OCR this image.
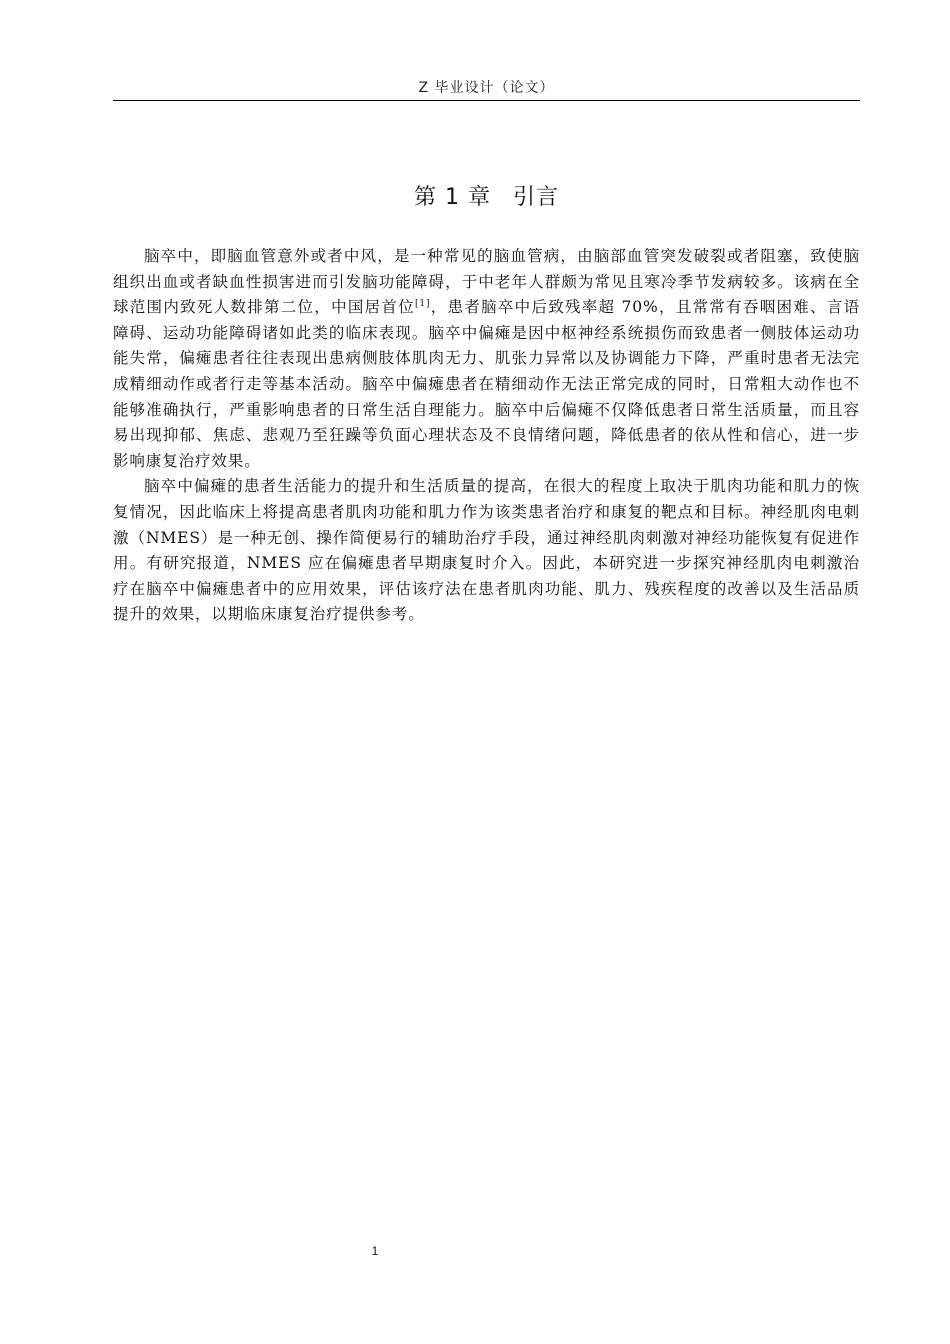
Z 毕业设计（论文）
第 1 章 引言

脑卒中，即脑血管意外或者中风，是一种常见的脑血管病，由脑部血管突发破裂或者阻塞，致使脑组织出血或者缺血性损害进而引发脑功能障碍，于中老年人群颇为常见且寒冷季节发病较多。该病在全球范围内致死人数排第二位，中国居首位[1]，患者脑卒中后致残率超 70%，且常常有吞咽困难、言语障碍、运动功能障碍诸如此类的临床表现。脑卒中偏瘫是因中枢神经系统损伤而致患者一侧肢体运动功能失常，偏瘫患者往往表现出患病侧肢体肌肉无力、肌张力异常以及协调能力下降，严重时患者无法完成精细动作或者行走等基本活动。脑卒中偏瘫患者在精细动作无法正常完成的同时，日常粗大动作也不能够准确执行，严重影响患者的日常生活自理能力。脑卒中后偏瘫不仅降低患者日常生活质量，而且容易出现抑郁、焦虑、悲观乃至狂躁等负面心理状态及不良情绪问题，降低患者的依从性和信心，进一步影响康复治疗效果。

脑卒中偏瘫的患者生活能力的提升和生活质量的提高，在很大的程度上取决于肌肉功能和肌力的恢复情况，因此临床上将提高患者肌肉功能和肌力作为该类患者治疗和康复的靶点和目标。神经肌肉电刺激（NMES）是一种无创、操作简便易行的辅助治疗手段，通过神经肌肉刺激对神经功能恢复有促进作用。有研究报道，NMES 应在偏瘫患者早期康复时介入。因此，本研究进一步探究神经肌肉电刺激治疗在脑卒中偏瘫患者中的应用效果，评估该疗法在患者肌肉功能、肌力、残疾程度的改善以及生活品质提升的效果，以期临床康复治疗提供参考。

1
